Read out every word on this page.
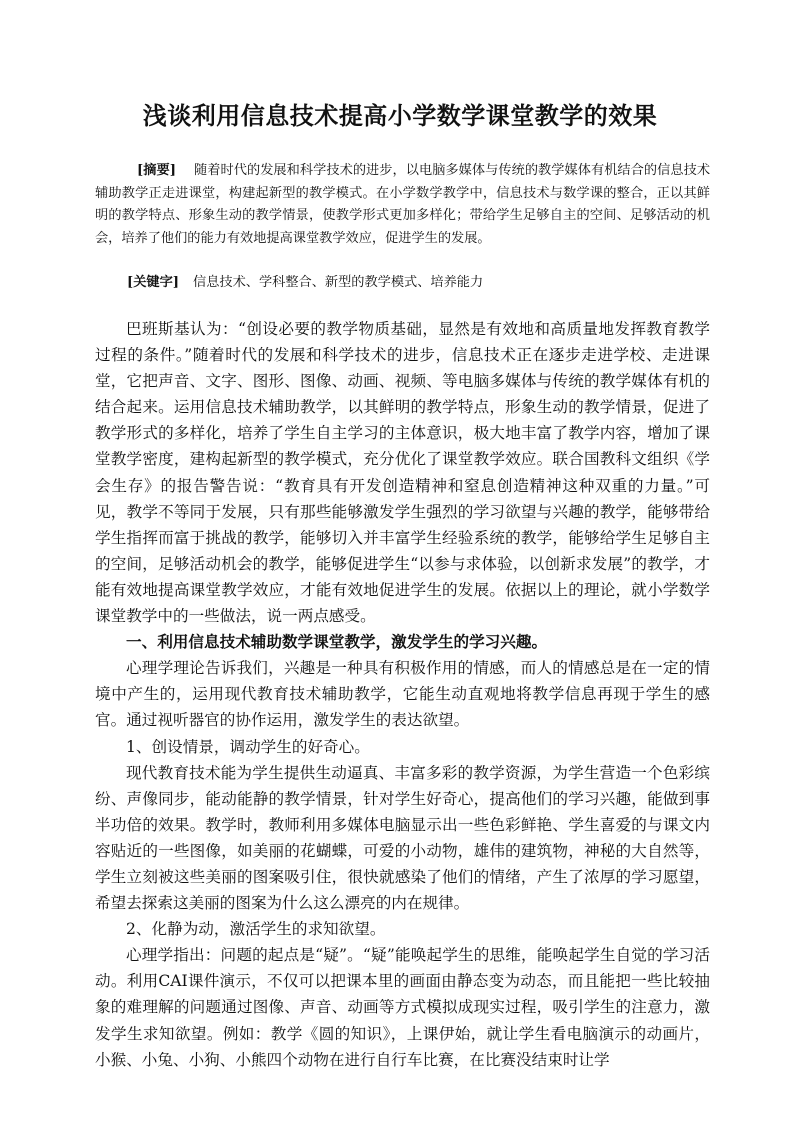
浅谈利用信息技术提高小学数学课堂教学的效果

[摘要] 随着时代的发展和科学技术的进步，以电脑多媒体与传统的教学媒体有机结合的信息技术辅助教学正走进课堂，构建起新型的教学模式。在小学数学教学中，信息技术与数学课的整合，正以其鲜明的教学特点、形象生动的教学情景，使教学形式更加多样化；带给学生足够自主的空间、足够活动的机会，培养了他们的能力有效地提高课堂教学效应，促进学生的发展。

[关键字] 信息技术、学科整合、新型的教学模式、培养能力

巴班斯基认为：“创设必要的教学物质基础，显然是有效地和高质量地发挥教育教学过程的条件。”随着时代的发展和科学技术的进步，信息技术正在逐步走进学校、走进课堂，它把声音、文字、图形、图像、动画、视频、等电脑多媒体与传统的教学媒体有机的结合起来。运用信息技术辅助教学，以其鲜明的教学特点，形象生动的教学情景，促进了教学形式的多样化，培养了学生自主学习的主体意识，极大地丰富了教学内容，增加了课堂教学密度，建构起新型的教学模式，充分优化了课堂教学效应。联合国教科文组织《学会生存》的报告警告说：“教育具有开发创造精神和窒息创造精神这种双重的力量。”可见，教学不等同于发展，只有那些能够激发学生强烈的学习欲望与兴趣的教学，能够带给学生指挥而富于挑战的教学，能够切入并丰富学生经验系统的教学，能够给学生足够自主的空间，足够活动机会的教学，能够促进学生“以参与求体验，以创新求发展”的教学，才能有效地提高课堂教学效应，才能有效地促进学生的发展。依据以上的理论，就小学数学课堂教学中的一些做法，说一两点感受。

一、利用信息技术辅助数学课堂教学，激发学生的学习兴趣。

心理学理论告诉我们，兴趣是一种具有积极作用的情感，而人的情感总是在一定的情境中产生的，运用现代教育技术辅助教学，它能生动直观地将教学信息再现于学生的感官。通过视听器官的协作运用，激发学生的表达欲望。

1、创设情景，调动学生的好奇心。

现代教育技术能为学生提供生动逼真、丰富多彩的教学资源，为学生营造一个色彩缤纷、声像同步，能动能静的教学情景，针对学生好奇心，提高他们的学习兴趣，能做到事半功倍的效果。教学时，教师利用多媒体电脑显示出一些色彩鲜艳、学生喜爱的与课文内容贴近的一些图像，如美丽的花蝴蝶，可爱的小动物，雄伟的建筑物，神秘的大自然等，学生立刻被这些美丽的图案吸引住，很快就感染了他们的情绪，产生了浓厚的学习愿望，希望去探索这美丽的图案为什么这么漂亮的内在规律。

2、化静为动，激活学生的求知欲望。

心理学指出：问题的起点是“疑”。“疑”能唤起学生的思维，能唤起学生自觉的学习活动。利用CAI课件演示，不仅可以把课本里的画面由静态变为动态，而且能把一些比较抽象的难理解的问题通过图像、声音、动画等方式模拟成现实过程，吸引学生的注意力，激发学生求知欲望。例如：教学《圆的知识》，上课伊始，就让学生看电脑演示的动画片，小猴、小兔、小狗、小熊四个动物在进行自行车比赛，在比赛没结束时让学
